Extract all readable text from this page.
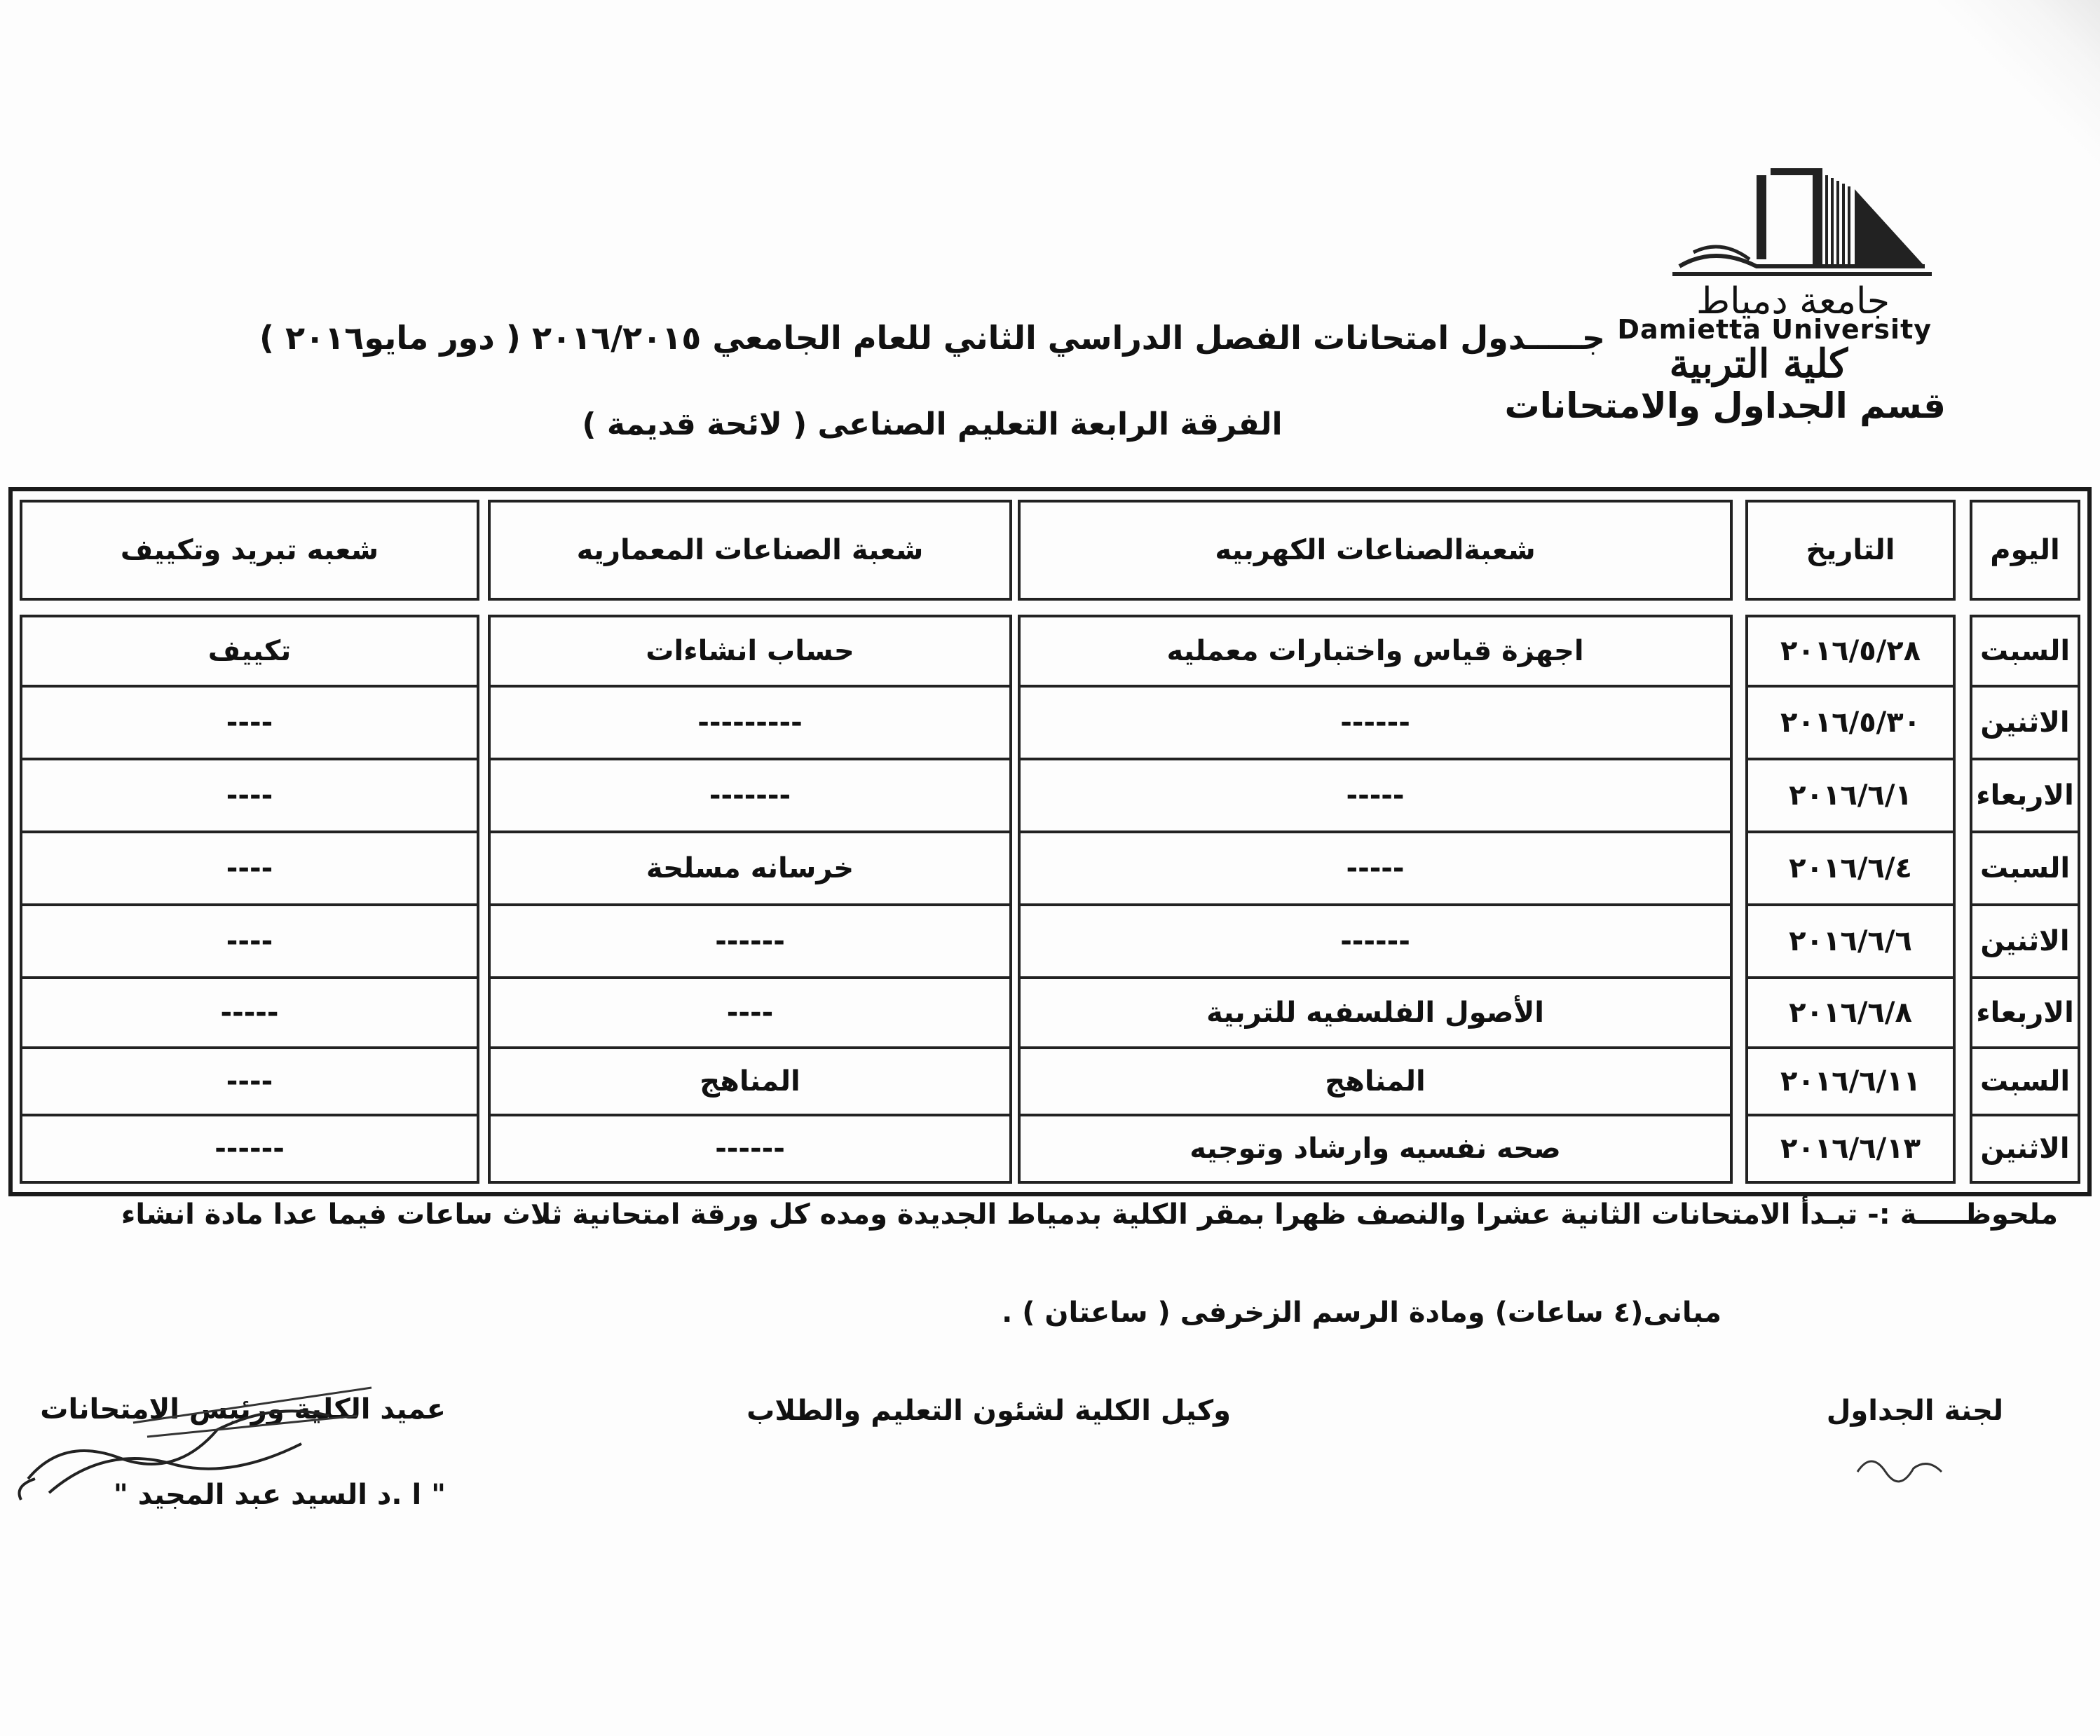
جامعة دمياط
Damietta University
كلية التربية
قسم الجداول والامتحانات
جـــــدول امتحانات الفصل الدراسي الثاني للعام الجامعي ٢٠١٦/٢٠١٥ ( دور مايو٢٠١٦ )
الفرقة الرابعة التعليم الصناعى ( لائحة قديمة )
اليوم
التاريخ
شعبةالصناعات الكهربيه
شعبة الصناعات المعماريه
شعبه تبريد وتكييف
السبت
٢٠١٦/٥/٢٨
اجهزة قياس واختبارات معمليه
حساب انشاءات
تكييف
الاثنين
٢٠١٦/٥/٣٠
------
---------
----
الاربعاء
٢٠١٦/٦/١
-----
-------
----
السبت
٢٠١٦/٦/٤
-----
خرسانه مسلحة
----
الاثنين
٢٠١٦/٦/٦
------
------
----
الاربعاء
٢٠١٦/٦/٨
الأصول الفلسفيه للتربية
----
-----
السبت
٢٠١٦/٦/١١
المناهج
المناهج
----
الاثنين
٢٠١٦/٦/١٣
صحه نفسيه وارشاد وتوجيه
------
------
ملحوظـــــة :- تبـدأ الامتحانات الثانية عشرا والنصف ظهرا بمقر الكلية بدمياط الجديدة ومده كل ورقة امتحانية ثلاث ساعات فيما عدا مادة انشاء
مبانى(٤ ساعات) ومادة الرسم الزخرفى ( ساعتان ) .
لجنة الجداول
وكيل الكلية لشئون التعليم والطلاب
عميد الكلية ورئيس الامتحانات
" ا .د السيد عبد المجيد "
